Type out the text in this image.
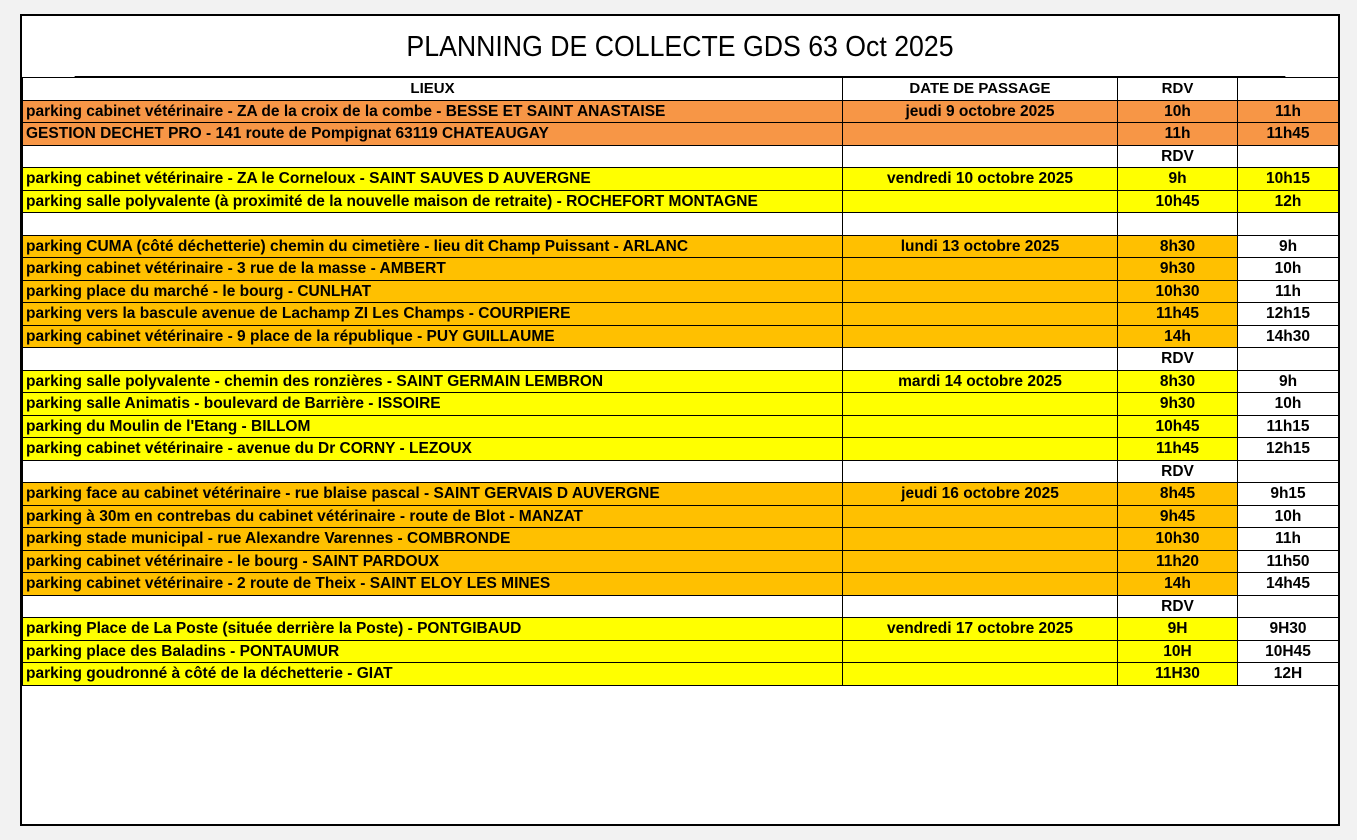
PLANNING DE COLLECTE GDS 63 Oct 2025
LIEUX	DATE DE PASSAGE	RDV	
parking cabinet vétérinaire - ZA de la croix de la combe - BESSE ET SAINT ANASTAISE	jeudi 9 octobre 2025	10h	11h
GESTION DECHET PRO - 141 route de Pompignat 63119 CHATEAUGAY		11h	11h45
		RDV	
parking cabinet vétérinaire - ZA le Corneloux - SAINT SAUVES D AUVERGNE	vendredi 10 octobre 2025	9h	10h15
parking salle polyvalente (à proximité de la nouvelle maison de retraite) - ROCHEFORT MONTAGNE		10h45	12h

parking CUMA (côté déchetterie) chemin du cimetière - lieu dit Champ Puissant - ARLANC	lundi 13 octobre 2025	8h30	9h
parking cabinet vétérinaire - 3 rue de la masse - AMBERT		9h30	10h
parking place du marché - le bourg - CUNLHAT		10h30	11h
parking vers la bascule avenue de Lachamp ZI Les Champs - COURPIERE		11h45	12h15
parking cabinet vétérinaire - 9 place de la république - PUY GUILLAUME		14h	14h30
		RDV	
parking salle polyvalente - chemin des ronzières - SAINT GERMAIN LEMBRON	mardi 14 octobre 2025	8h30	9h
parking salle Animatis - boulevard de Barrière - ISSOIRE		9h30	10h
parking du Moulin de l'Etang - BILLOM		10h45	11h15
parking cabinet vétérinaire - avenue du Dr CORNY - LEZOUX		11h45	12h15
		RDV	
parking face au cabinet vétérinaire - rue blaise pascal - SAINT GERVAIS D AUVERGNE	jeudi 16 octobre 2025	8h45	9h15
parking à 30m en contrebas du cabinet vétérinaire - route de Blot - MANZAT		9h45	10h
parking stade municipal - rue Alexandre Varennes - COMBRONDE		10h30	11h
parking cabinet vétérinaire - le bourg - SAINT PARDOUX		11h20	11h50
parking cabinet vétérinaire - 2 route de Theix - SAINT ELOY LES MINES		14h	14h45
		RDV	
parking Place de La Poste (située derrière la Poste) - PONTGIBAUD	vendredi 17 octobre 2025	9H	9H30
parking place des Baladins - PONTAUMUR		10H	10H45
parking goudronné à côté de la déchetterie - GIAT		11H30	12H
